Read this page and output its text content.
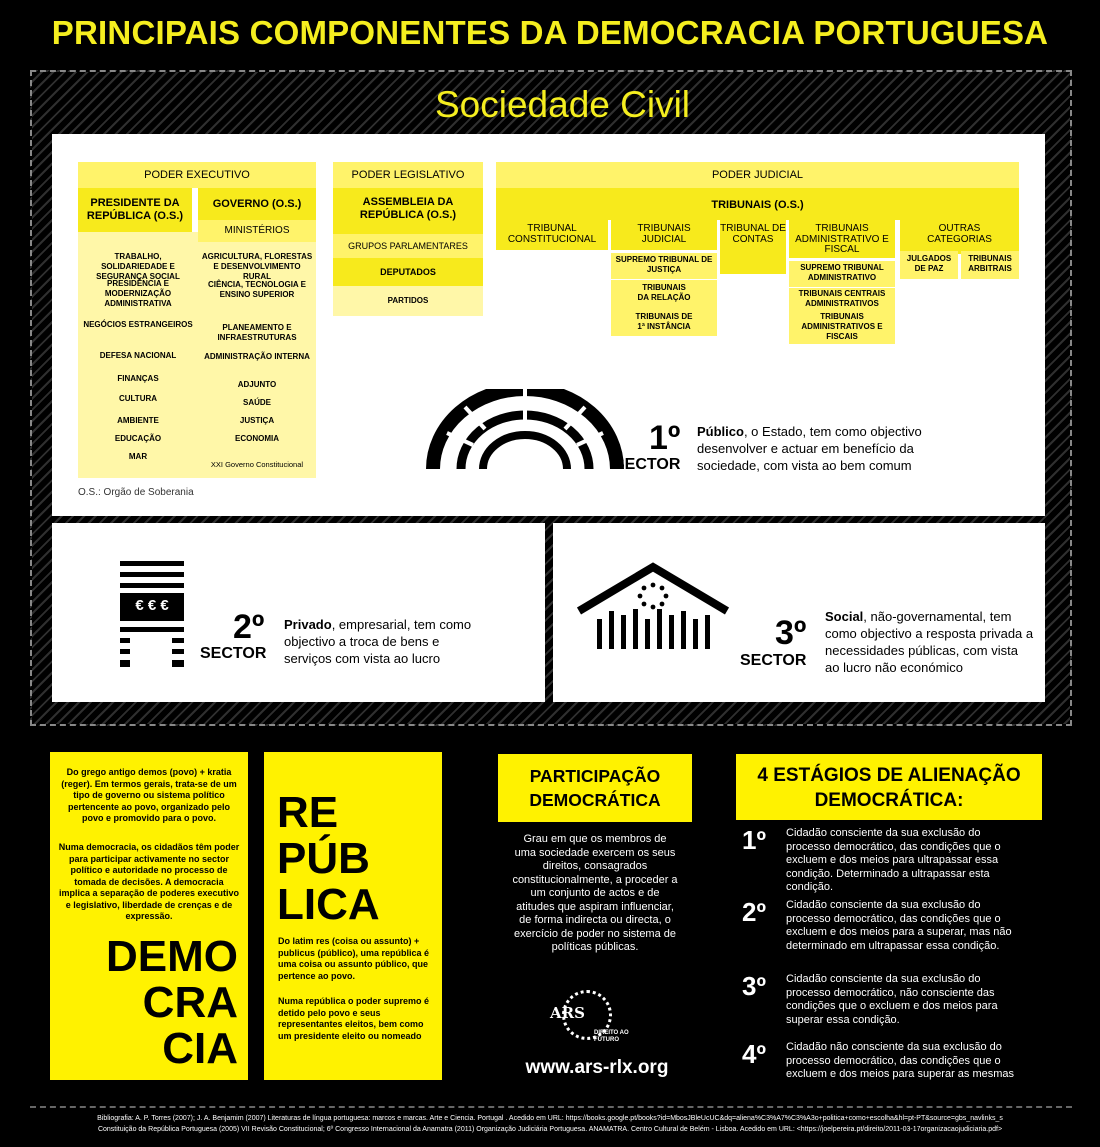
PRINCIPAIS COMPONENTES DA DEMOCRACIA PORTUGUESA
Sociedade Civil
PODER EXECUTIVO
PRESIDENTE DA REPÚBLICA (O.S.)
GOVERNO (O.S.)
MINISTÉRIOS
TRABALHO, SOLIDARIEDADE E SEGURANÇA SOCIAL
PRESIDÊNCIA E MODERNIZAÇÃO ADMINISTRATIVA
NEGÓCIOS ESTRANGEIROS
DEFESA NACIONAL
FINANÇAS
CULTURA
AMBIENTE
EDUCAÇÃO
MAR
AGRICULTURA, FLORESTAS E DESENVOLVIMENTO RURAL
CIÊNCIA, TECNOLOGIA E ENSINO SUPERIOR
PLANEAMENTO E INFRAESTRUTURAS
ADMINISTRAÇÃO INTERNA
ADJUNTO
SAÚDE
JUSTIÇA
ECONOMIA
XXI Governo Constitucional
O.S.: Orgão de Soberania
PODER LEGISLATIVO
ASSEMBLEIA DA REPÚBLICA (O.S.)
GRUPOS PARLAMENTARES
DEPUTADOS
PARTIDOS
PODER JUDICIAL
TRIBUNAIS (O.S.)
TRIBUNAL CONSTITUCIONAL
TRIBUNAIS JUDICIAL
TRIBUNAL DE CONTAS
TRIBUNAIS ADMINISTRATIVO E FISCAL
OUTRAS CATEGORIAS
SUPREMO TRIBUNAL DE JUSTIÇA
TRIBUNAIS DA RELAÇÃO
TRIBUNAIS DE 1ª INSTÂNCIA
SUPREMO TRIBUNAL ADMINISTRATIVO
TRIBUNAIS CENTRAIS ADMINISTRATIVOS
TRIBUNAIS ADMINISTRATIVOS E FISCAIS
JULGADOS DE PAZ
TRIBUNAIS ARBITRAIS
1º
SECTOR
Público, o Estado, tem como objectivo desenvolver e actuar em benefício da sociedade, com vista ao bem comum
€ € €
2º
SECTOR
Privado, empresarial, tem como objectivo a troca de bens e serviços com vista ao lucro
3º
SECTOR
Social, não-governamental, tem como objectivo a resposta privada a necessidades públicas, com vista ao lucro não económico
Do grego antigo demos (povo) + kratia (reger). Em termos gerais, trata-se de um tipo de governo ou sistema político pertencente ao povo, organizado pelo povo e promovido para o povo.
Numa democracia, os cidadãos têm poder para participar activamente no sector político e autoridade no processo de tomada de decisões. A democracia implica a separação de poderes executivo e legislativo, liberdade de crenças e de expressão.
DEMO
CRA
CIA
RE
PÚB
LICA
Do latim res (coisa ou assunto) + publicus (público), uma república é uma coisa ou assunto público, que pertence ao povo.
Numa república o poder supremo é detido pelo povo e seus representantes eleitos, bem como um presidente eleito ou nomeado
PARTICIPAÇÃO DEMOCRÁTICA
Grau em que os membros de uma sociedade exercem os seus direitos, consagrados constitucionalmente, a proceder a um conjunto de actos e de atitudes que aspiram influenciar, de forma indirecta ou directa, o exercício de poder no sistema de políticas públicas.
ARS
DIREITO AO FUTURO
www.ars-rlx.org
4 ESTÁGIOS DE ALIENAÇÃO DEMOCRÁTICA:
1º Cidadão consciente da sua exclusão do processo democrático, das condições que o excluem e dos meios para ultrapassar essa condição. Determinado a ultrapassar esta condição.
2º Cidadão consciente da sua exclusão do processo democrático, das condições que o excluem e dos meios para a superar, mas não determinado em ultrapassar essa condição.
3º Cidadão consciente da sua exclusão do processo democrático, não consciente das condições que o excluem e dos meios para superar essa condição.
4º Cidadão não consciente da sua exclusão do processo democrático, das condições que o excluem e dos meios para superar as mesmas
Bibliografia: A. P. Torres (2007); J. A. Benjamim (2007) Literaturas de língua portuguesa: marcos e marcas. Arte e Ciencia. Portugal . Acedido em URL: https://books.google.pt/books?id=MbosJBleUcUC&dq=aliena%C3%A7%C3%A3o+politica+como+escolha&hl=pt-PT&source=gbs_navlinks_s
Constituição da República Portuguesa (2005) VII Revisão Constitucional; 6º Congresso Internacional da Anamatra (2011) Organização Judiciária Portuguesa. ANAMATRA. Centro Cultural de Belém - Lisboa. Acedido em URL: <https://joelpereira.pt/direito/2011-03-17organizacaojudiciaria.pdf>
